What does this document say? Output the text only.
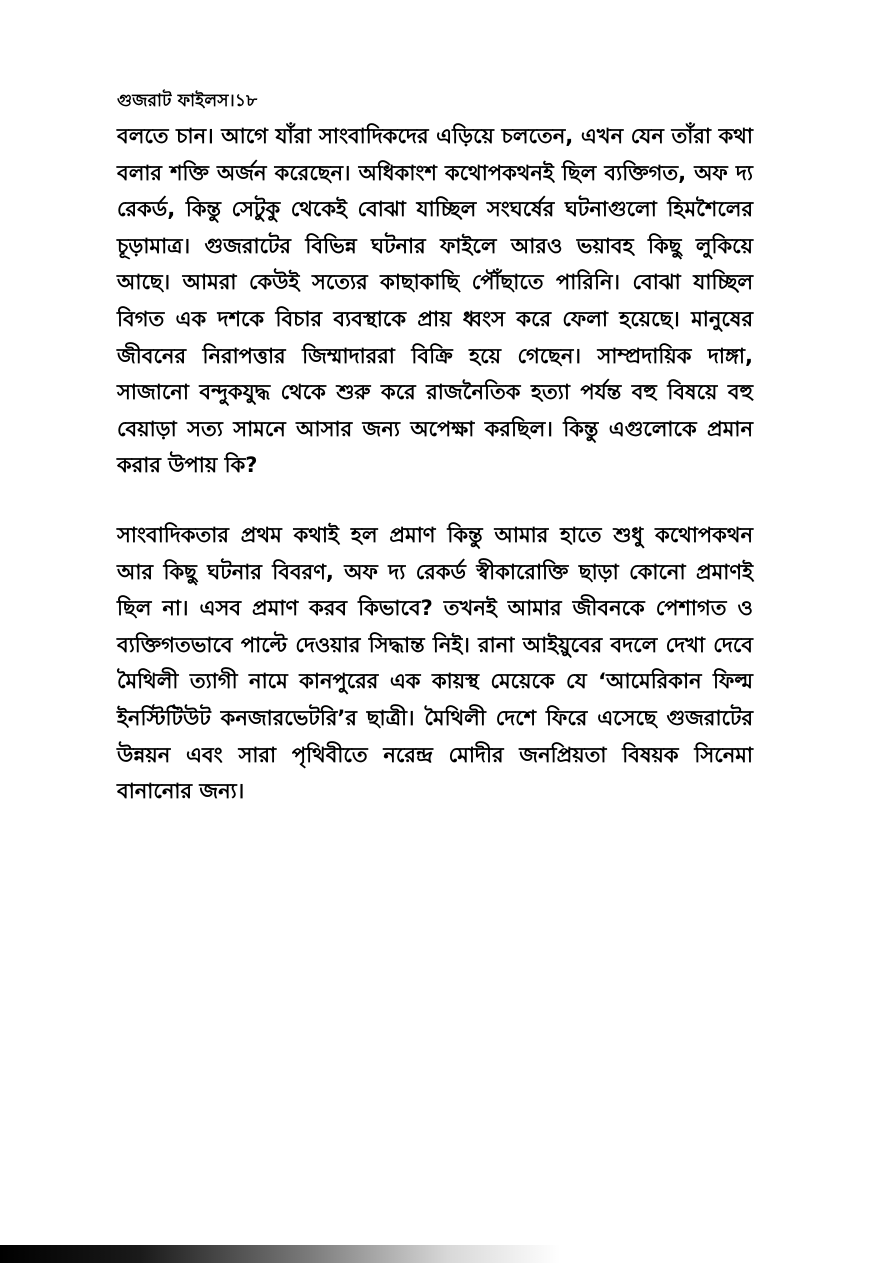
গুজরাট ফাইলস।১৮

বলতে চান। আগে যাঁরা সাংবাদিকদের এড়িয়ে চলতেন, এখন যেন তাঁরা কথা বলার শক্তি অর্জন করেছেন। অধিকাংশ কথোপকথনই ছিল ব্যক্তিগত, অফ দ্য রেকর্ড, কিন্তু সেটুকু থেকেই বোঝা যাচ্ছিল সংঘর্ষের ঘটনাগুলো হিমশৈলের চূড়ামাত্র। গুজরাটের বিভিন্ন ঘটনার ফাইলে আরও ভয়াবহ কিছু লুকিয়ে আছে। আমরা কেউই সত্যের কাছাকাছি পৌঁছাতে পারিনি। বোঝা যাচ্ছিল বিগত এক দশকে বিচার ব্যবস্থাকে প্রায় ধ্বংস করে ফেলা হয়েছে। মানুষের জীবনের নিরাপত্তার জিম্মাদাররা বিক্রি হয়ে গেছেন। সাম্প্রদায়িক দাঙ্গা, সাজানো বন্দুকযুদ্ধ থেকে শুরু করে রাজনৈতিক হত্যা পর্যন্ত বহু বিষয়ে বহু বেয়াড়া সত্য সামনে আসার জন্য অপেক্ষা করছিল। কিন্তু এগুলোকে প্রমান করার উপায় কি?

সাংবাদিকতার প্রথম কথাই হল প্রমাণ কিন্তু আমার হাতে শুধু কথোপকথন আর কিছু ঘটনার বিবরণ, অফ দ্য রেকর্ড স্বীকারোক্তি ছাড়া কোনো প্রমাণই ছিল না। এসব প্রমাণ করব কিভাবে? তখনই আমার জীবনকে পেশাগত ও ব্যক্তিগতভাবে পাল্টে দেওয়ার সিদ্ধান্ত নিই। রানা আইয়ুবের বদলে দেখা দেবে মৈথিলী ত্যাগী নামে কানপুরের এক কায়স্থ মেয়েকে যে ‘আমেরিকান ফিল্ম ইনস্টিটিউট কনজারভেটরি’র ছাত্রী। মৈথিলী দেশে ফিরে এসেছে গুজরাটের উন্নয়ন এবং সারা পৃথিবীতে নরেন্দ্র মোদীর জনপ্রিয়তা বিষয়ক সিনেমা বানানোর জন্য।
